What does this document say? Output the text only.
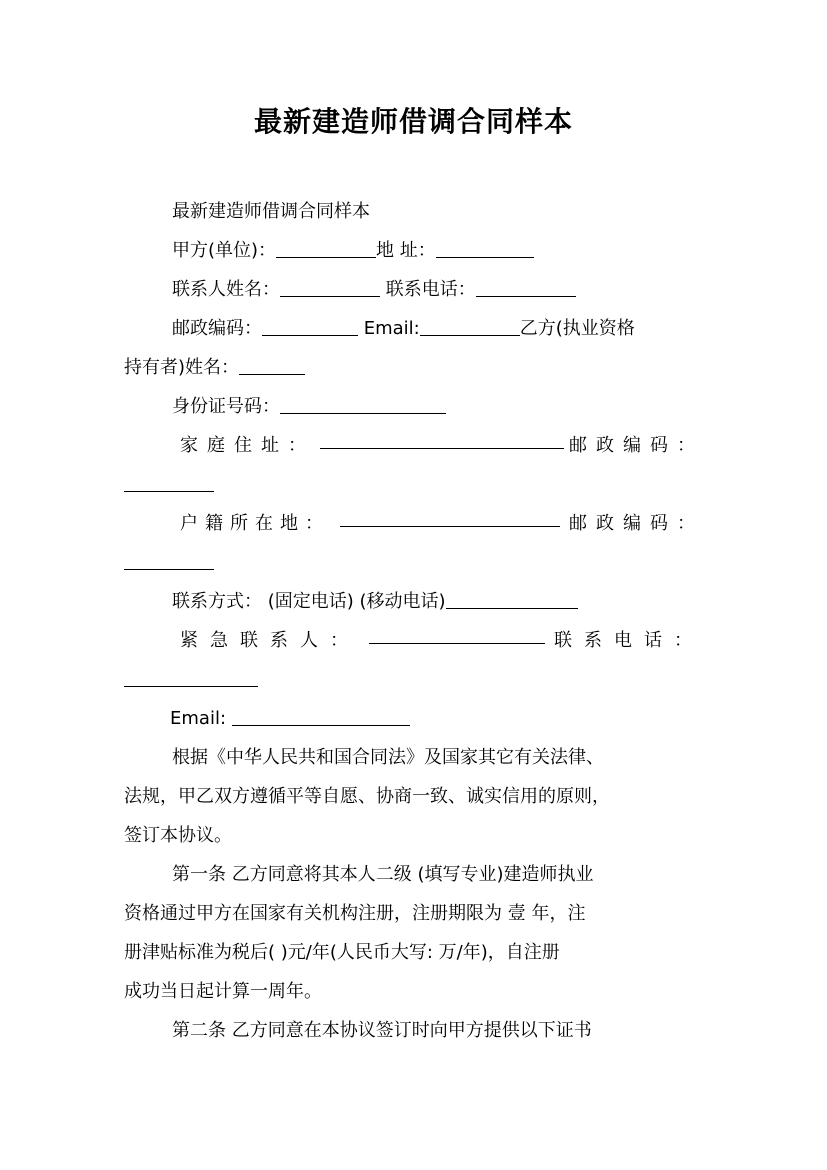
最新建造师借调合同样本
最新建造师借调合同样本
甲方(单位)：	地 址：
联系人姓名：	联系电话：
邮政编码：	Email:	乙方(执业资格
持有者)姓名：
身份证号码：
家庭住址：	邮政编码：
户籍所在地：	邮政编码：
联系方式： (固定电话) (移动电话)
紧急联系人：	联系电话：
Email:
根据《中华人民共和国合同法》及国家其它有关法律、
法规，甲乙双方遵循平等自愿、协商一致、诚实信用的原则，
签订本协议。
第一条 乙方同意将其本人二级 (填写专业)建造师执业
资格通过甲方在国家有关机构注册，注册期限为 壹 年，注
册津贴标准为税后( )元/年(人民币大写: 万/年)，自注册
成功当日起计算一周年。
第二条 乙方同意在本协议签订时向甲方提供以下证书
